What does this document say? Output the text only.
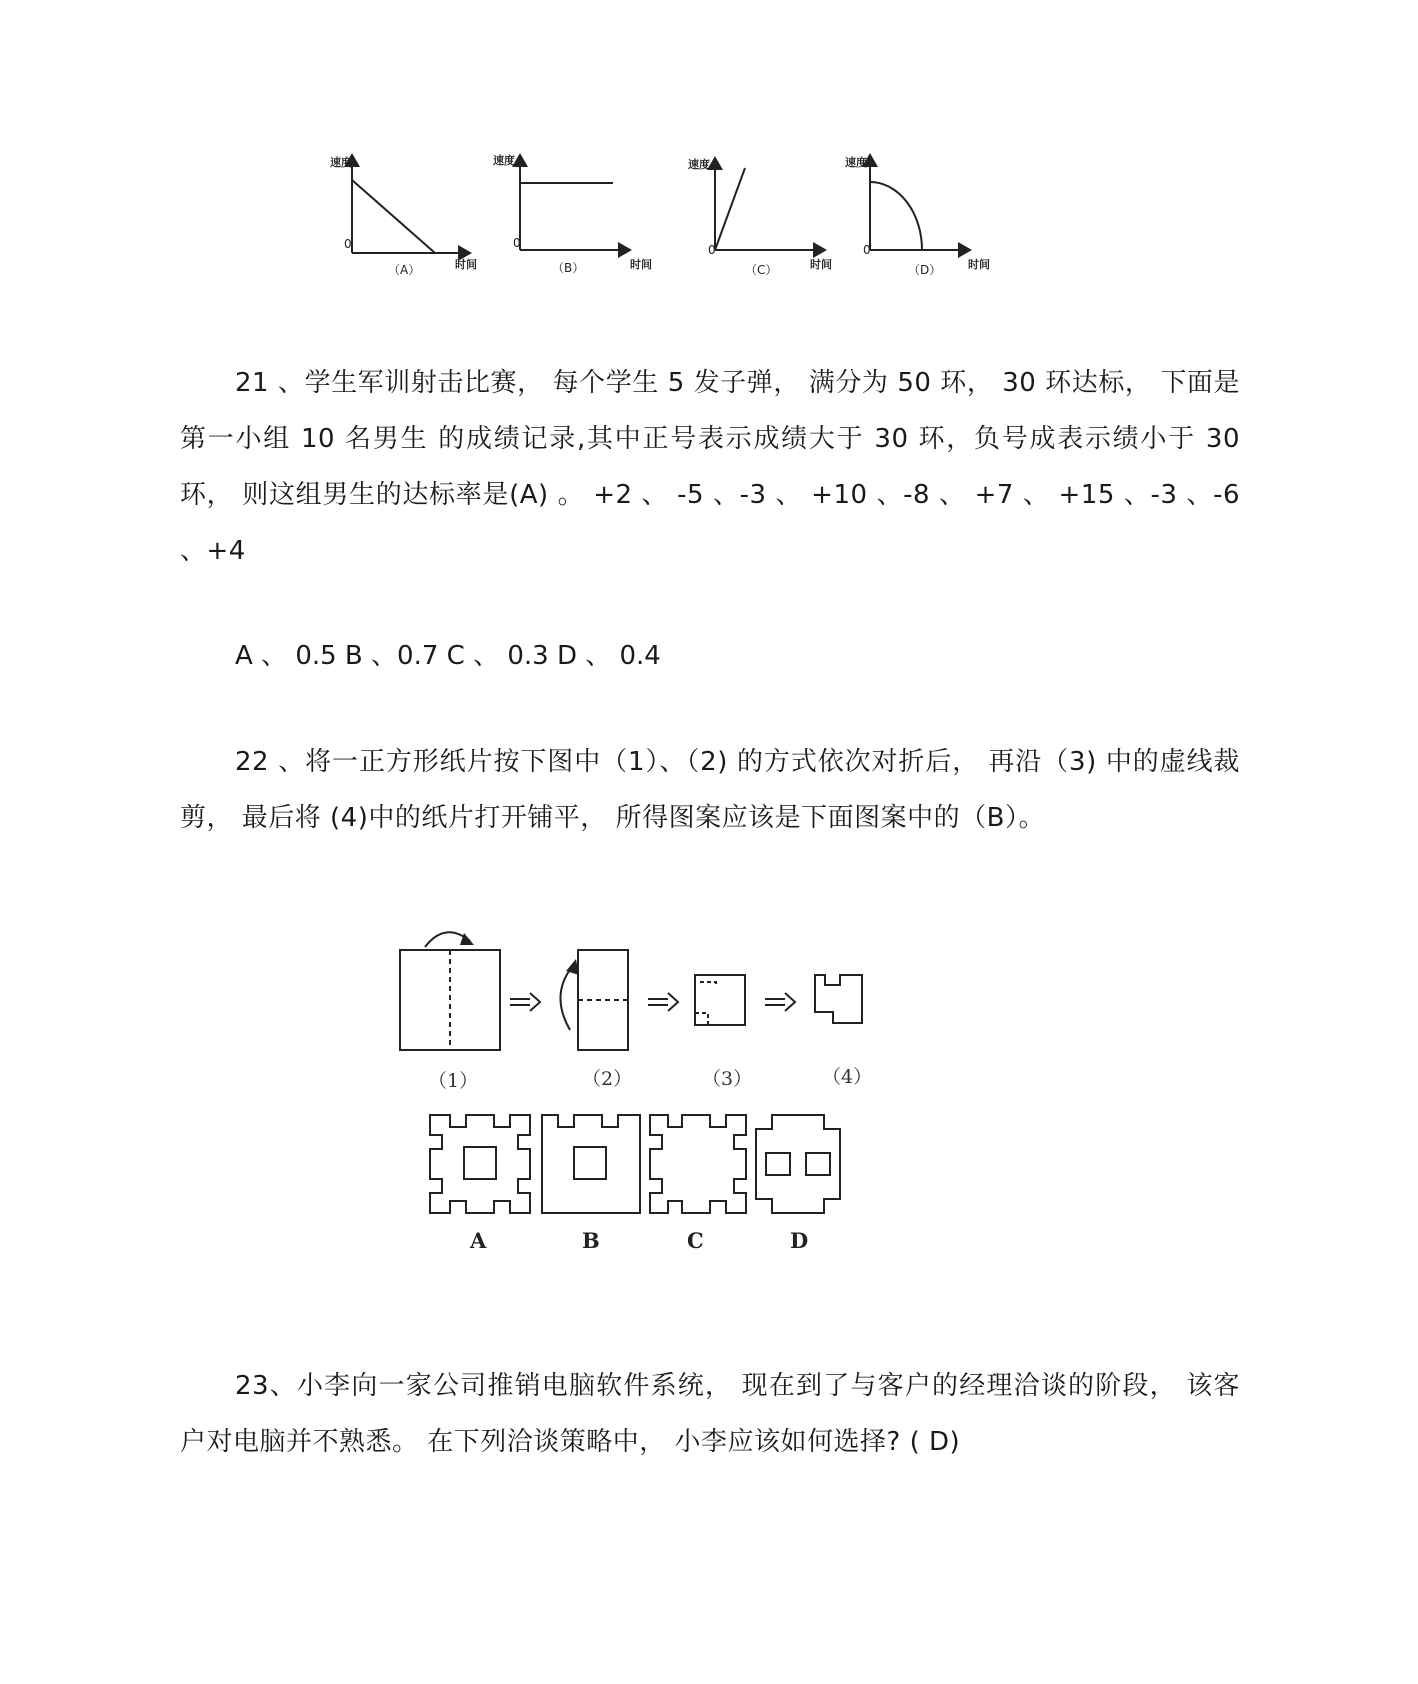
速度
0
（A）	时间
速度
0
（B）	时间
速度
0
（C）	时间
速度
0
（D） 时间

21 、学生军训射击比赛， 每个学生 5 发子弹， 满分为 50 环， 30 环达标， 下面是第一小组 10 名男生 的成绩记录,其中正号表示成绩大于 30 环，负号成表示绩小于 30 环， 则这组男生的达标率是(A) 。 +2 、 -5 、-3 、 +10 、-8 、 +7 、 +15 、-3 、-6 、+4

A 、 0.5 B 、0.7 C 、 0.3 D 、 0.4

22 、将一正方形纸片按下图中（1）、（2) 的方式依次对折后， 再沿（3) 中的虚线裁剪， 最后将 (4)中的纸片打开铺平， 所得图案应该是下面图案中的（B）。

（1）	（2）	（3）	（4）
A	B	C	D

23、小李向一家公司推销电脑软件系统， 现在到了与客户的经理洽谈的阶段， 该客户对电脑并不熟悉。 在下列洽谈策略中， 小李应该如何选择? ( D)
